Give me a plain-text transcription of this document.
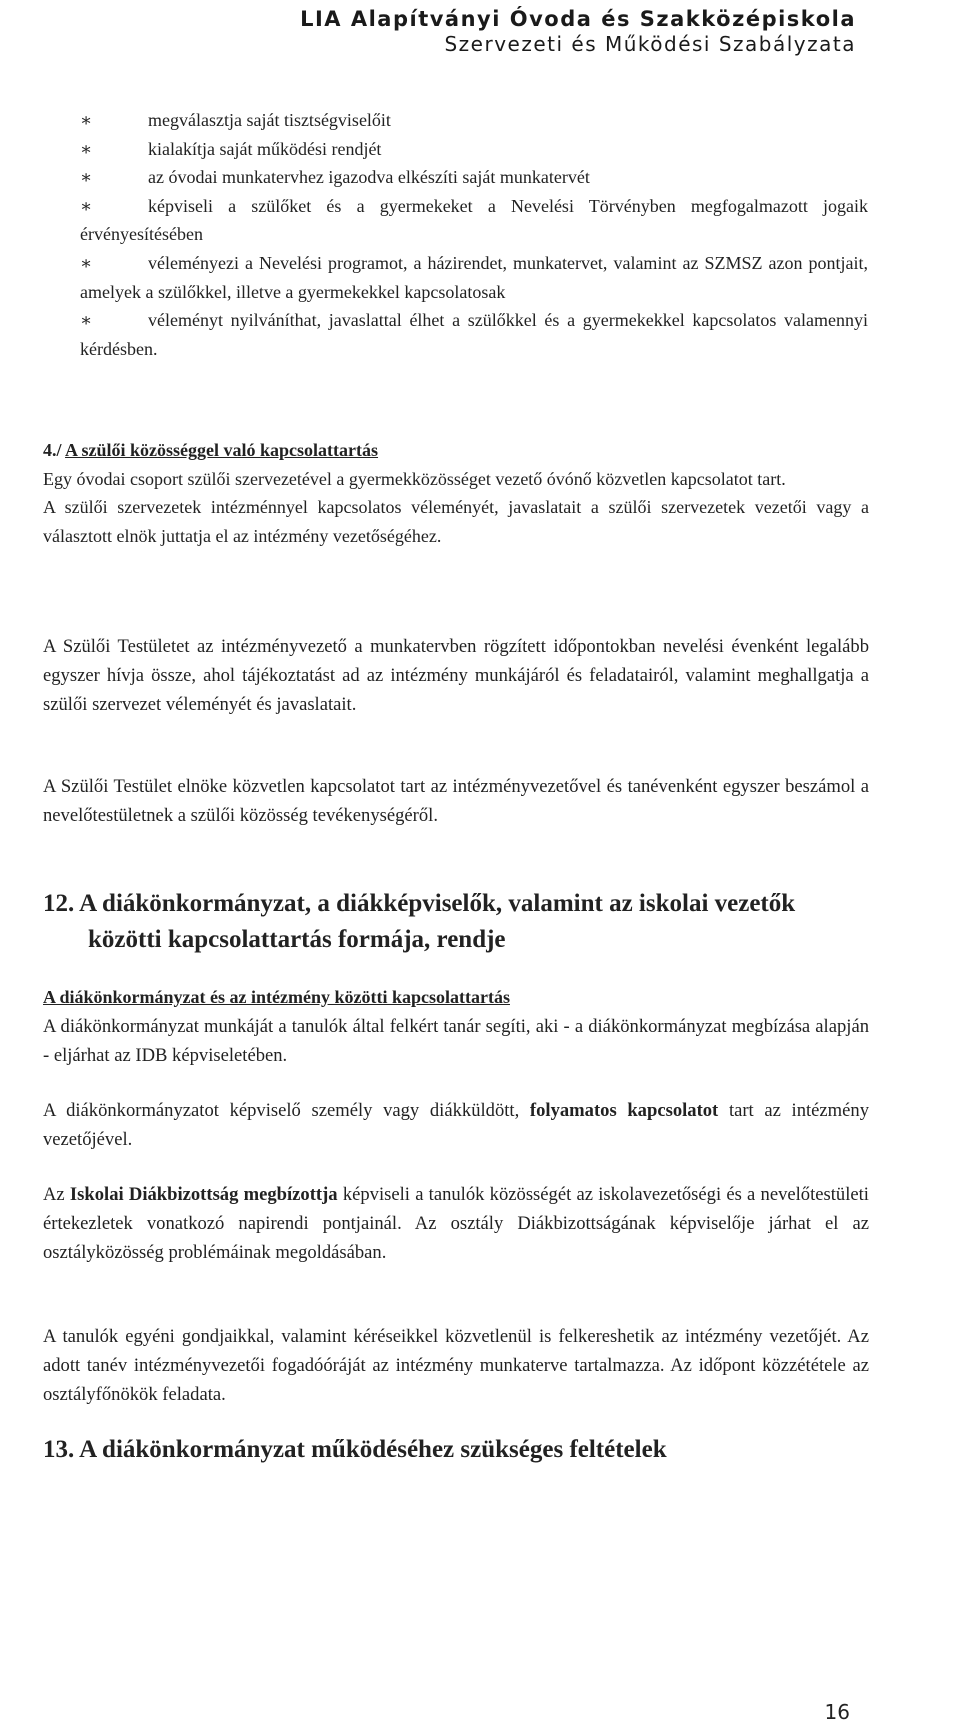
LIA Alapítványi Óvoda és Szakközépiskola
Szervezeti és Működési Szabályzata

∗	megválasztja saját tisztségviselőit

∗	kialakítja saját működési rendjét

∗	az óvodai munkatervhez igazodva elkészíti saját munkatervét

∗	képviseli a szülőket és a gyermekeket a Nevelési Törvényben megfogalmazott jogaik érvényesítésében

∗	véleményezi a Nevelési programot, a házirendet, munkatervet, valamint az SZMSZ azon pontjait, amelyek a szülőkkel, illetve a gyermekekkel kapcsolatosak

∗	véleményt nyilváníthat, javaslattal élhet a szülőkkel és a gyermekekkel kapcsolatos valamennyi kérdésben.

4./ A szülői közösséggel való kapcsolattartás

Egy óvodai csoport szülői szervezetével a gyermekközösséget vezető óvónő közvetlen kapcsolatot tart.

A szülői szervezetek intézménnyel kapcsolatos véleményét, javaslatait a szülői szervezetek vezetői vagy a választott elnök juttatja el az intézmény vezetőségéhez.

A Szülői Testületet az intézményvezető a munkatervben rögzített időpontokban nevelési évenként legalább egyszer hívja össze, ahol tájékoztatást ad az intézmény munkájáról és feladatairól, valamint meghallgatja a szülői szervezet véleményét és javaslatait.

A Szülői Testület elnöke közvetlen kapcsolatot tart az intézményvezetővel és tanévenként egyszer beszámol a nevelőtestületnek a szülői közösség tevékenységéről.

12. A diákönkormányzat, a diákképviselők, valamint az iskolai vezetők
közötti kapcsolattartás formája, rendje

A diákönkormányzat és az intézmény közötti kapcsolattartás

A diákönkormányzat munkáját a tanulók által felkért tanár segíti, aki - a diákönkormányzat megbízása alapján - eljárhat az IDB képviseletében.

A diákönkormányzatot képviselő személy vagy diákküldött, folyamatos kapcsolatot tart az intézmény vezetőjével.

Az Iskolai Diákbizottság megbízottja képviseli a tanulók közösségét az iskolavezetőségi és a nevelőtestületi értekezletek vonatkozó napirendi pontjainál. Az osztály Diákbizottságának képviselője járhat el az osztályközösség problémáinak megoldásában.

A tanulók egyéni gondjaikkal, valamint kéréseikkel közvetlenül is felkereshetik az intézmény vezetőjét. Az adott tanév intézményvezetői fogadóóráját az intézmény munkaterve tartalmazza. Az időpont közzététele az osztályfőnökök feladata.

13. A diákönkormányzat működéséhez szükséges feltételek
16
